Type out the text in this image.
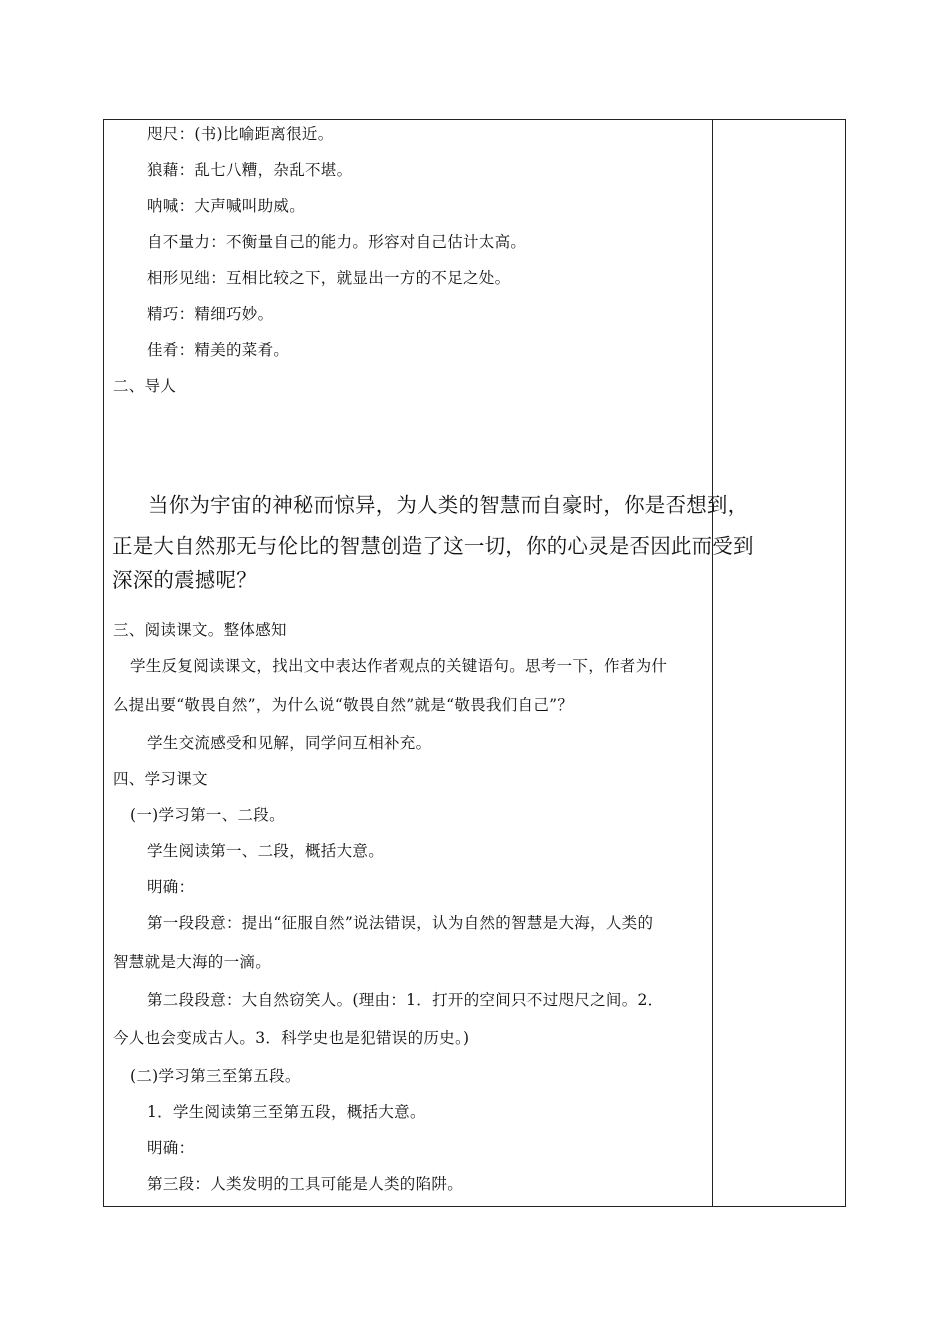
咫尺：(书)比喻距离很近。
狼藉：乱七八糟，杂乱不堪。
呐喊：大声喊叫助威。
自不量力：不衡量自己的能力。形容对自己估计太高。
相形见绌：互相比较之下，就显出一方的不足之处。
精巧：精细巧妙。
佳肴：精美的菜肴。
二、导人
当你为宇宙的神秘而惊异，为人类的智慧而自豪时，你是否想到，
正是大自然那无与伦比的智慧创造了这一切，你的心灵是否因此而受到
深深的震撼呢？
三、阅读课文。整体感知
学生反复阅读课文，找出文中表达作者观点的关键语句。思考一下，作者为什
么提出要“敬畏自然”，为什么说“敬畏自然”就是“敬畏我们自己”？
学生交流感受和见解，同学问互相补充。
四、学习课文
(一)学习第一、二段。
学生阅读第一、二段，概括大意。
明确：
第一段段意：提出“征服自然”说法错误，认为自然的智慧是大海，人类的
智慧就是大海的一滴。
第二段段意：大自然窃笑人。(理由：1．打开的空间只不过咫尺之间。2．
今人也会变成古人。3．科学史也是犯错误的历史。)
(二)学习第三至第五段。
1．学生阅读第三至第五段，概括大意。
明确：
第三段：人类发明的工具可能是人类的陷阱。
